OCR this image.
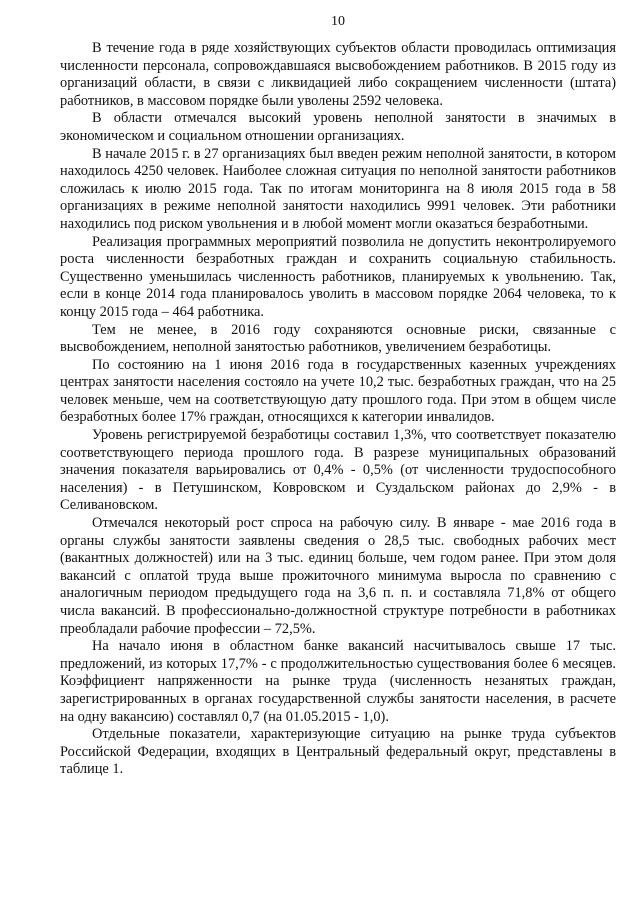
10

В течение года в ряде хозяйствующих субъектов области проводилась оптимизация численности персонала, сопровождавшаяся высвобождением работников. В 2015 году из организаций области, в связи с ликвидацией либо сокращением численности (штата) работников, в массовом порядке были уволены 2592 человека.

В области отмечался высокий уровень неполной занятости в значимых в экономическом и социальном отношении организациях.

В начале 2015 г. в 27 организациях был введен режим неполной занятости, в котором находилось 4250 человек. Наиболее сложная ситуация по неполной занятости работников сложилась к июлю 2015 года. Так по итогам мониторинга на 8 июля 2015 года в 58 организациях в режиме неполной занятости находились 9991 человек. Эти работники находились под риском увольнения и в любой момент могли оказаться безработными.

Реализация программных мероприятий позволила не допустить неконтролируемого роста численности безработных граждан и сохранить социальную стабильность. Существенно уменьшилась численность работников, планируемых к увольнению. Так, если в конце 2014 года планировалось уволить в массовом порядке 2064 человека, то к концу 2015 года – 464 работника.

Тем не менее, в 2016 году сохраняются основные риски, связанные с высвобождением, неполной занятостью работников, увеличением безработицы.

По состоянию на 1 июня 2016 года в государственных казенных учреждениях центрах занятости населения состояло на учете 10,2 тыс. безработных граждан, что на 25 человек меньше, чем на соответствующую дату прошлого года. При этом в общем числе безработных более 17% граждан, относящихся к категории инвалидов.

Уровень регистрируемой безработицы составил 1,3%, что соответствует показателю соответствующего периода прошлого года. В разрезе муниципальных образований значения показателя варьировались от 0,4% - 0,5% (от численности трудоспособного населения) - в Петушинском, Ковровском и Суздальском районах до 2,9% - в Селивановском.

Отмечался некоторый рост спроса на рабочую силу. В январе - мае 2016 года в органы службы занятости заявлены сведения о 28,5 тыс. свободных рабочих мест (вакантных должностей) или на 3 тыс. единиц больше, чем годом ранее. При этом доля вакансий с оплатой труда выше прожиточного минимума выросла по сравнению с аналогичным периодом предыдущего года на 3,6 п. п. и составляла 71,8% от общего числа вакансий. В профессионально-должностной структуре потребности в работниках преобладали рабочие профессии – 72,5%.

На начало июня в областном банке вакансий насчитывалось свыше 17 тыс. предложений, из которых 17,7% - с продолжительностью существования более 6 месяцев. Коэффициент напряженности на рынке труда (численность незанятых граждан, зарегистрированных в органах государственной службы занятости населения, в расчете на одну вакансию) составлял 0,7 (на 01.05.2015 - 1,0).

Отдельные показатели, характеризующие ситуацию на рынке труда субъектов Российской Федерации, входящих в Центральный федеральный округ, представлены в таблице 1.
